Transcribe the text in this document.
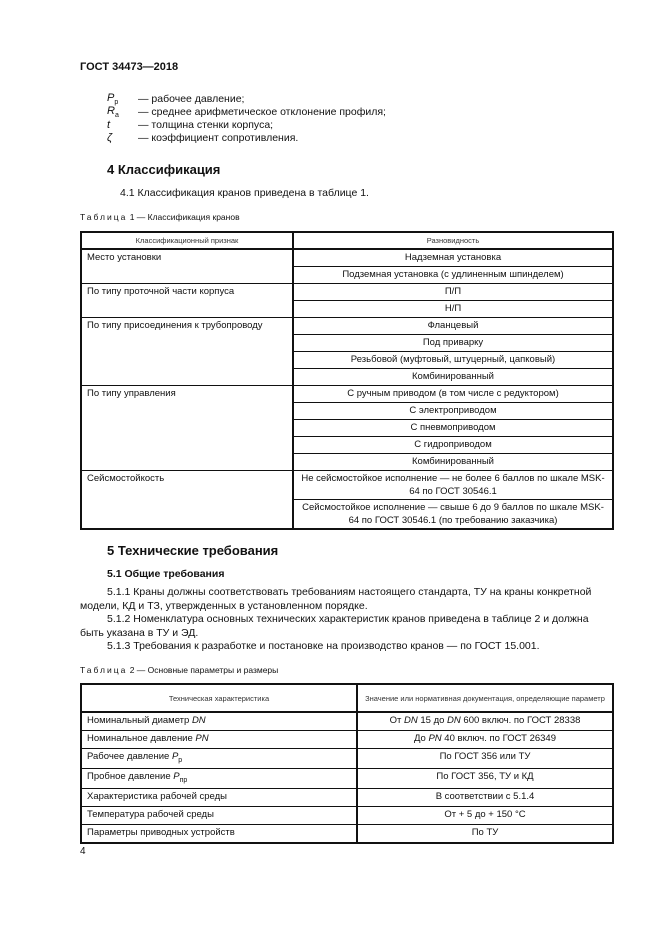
ГОСТ 34473—2018
$P_р$	— рабочее давление;
$R_a$	— среднее арифметическое отклонение профиля;
t	— толщина стенки корпуса;
ζ	— коэффициент сопротивления.
4 Классификация
4.1 Классификация кранов приведена в таблице 1.
Таблица 1 — Классификация кранов
Классификационный признак	Разновидность
Место установки	Надземная установка
	Подземная установка (с удлиненным шпинделем)
По типу проточной части корпуса	П/П
	Н/П
По типу присоединения к трубопроводу	Фланцевый
	Под приварку
	Резьбовой (муфтовый, штуцерный, цапковый)
	Комбинированный
По типу управления	С ручным приводом (в том числе с редуктором)
	С электроприводом
	С пневмоприводом
	С гидроприводом
	Комбинированный
Сейсмостойкость	Не сейсмостойкое исполнение — не более 6 баллов по шкале MSK-64 по ГОСТ 30546.1
	Сейсмостойкое исполнение — свыше 6 до 9 баллов по шкале MSK-64 по ГОСТ 30546.1 (по требованию заказчика)
5 Технические требования
5.1 Общие требования
5.1.1 Краны должны соответствовать требованиям настоящего стандарта, ТУ на краны конкретной модели, КД и ТЗ, утвержденных в установленном порядке.
5.1.2 Номенклатура основных технических характеристик кранов приведена в таблице 2 и должна быть указана в ТУ и ЭД.
5.1.3 Требования к разработке и постановке на производство кранов — по ГОСТ 15.001.
Таблица 2 — Основные параметры и размеры
Техническая характеристика	Значение или нормативная документация, определяющие параметр
Номинальный диаметр DN	От DN 15 до DN 600 включ. по ГОСТ 28338
Номинальное давление PN	До PN 40 включ. по ГОСТ 26349
Рабочее давление $P_р$	По ГОСТ 356 или ТУ
Пробное давление $P_{пр}$	По ГОСТ 356, ТУ и КД
Характеристика рабочей среды	В соответствии с 5.1.4
Температура рабочей среды	От + 5 до + 150 °С
Параметры приводных устройств	По ТУ
4
